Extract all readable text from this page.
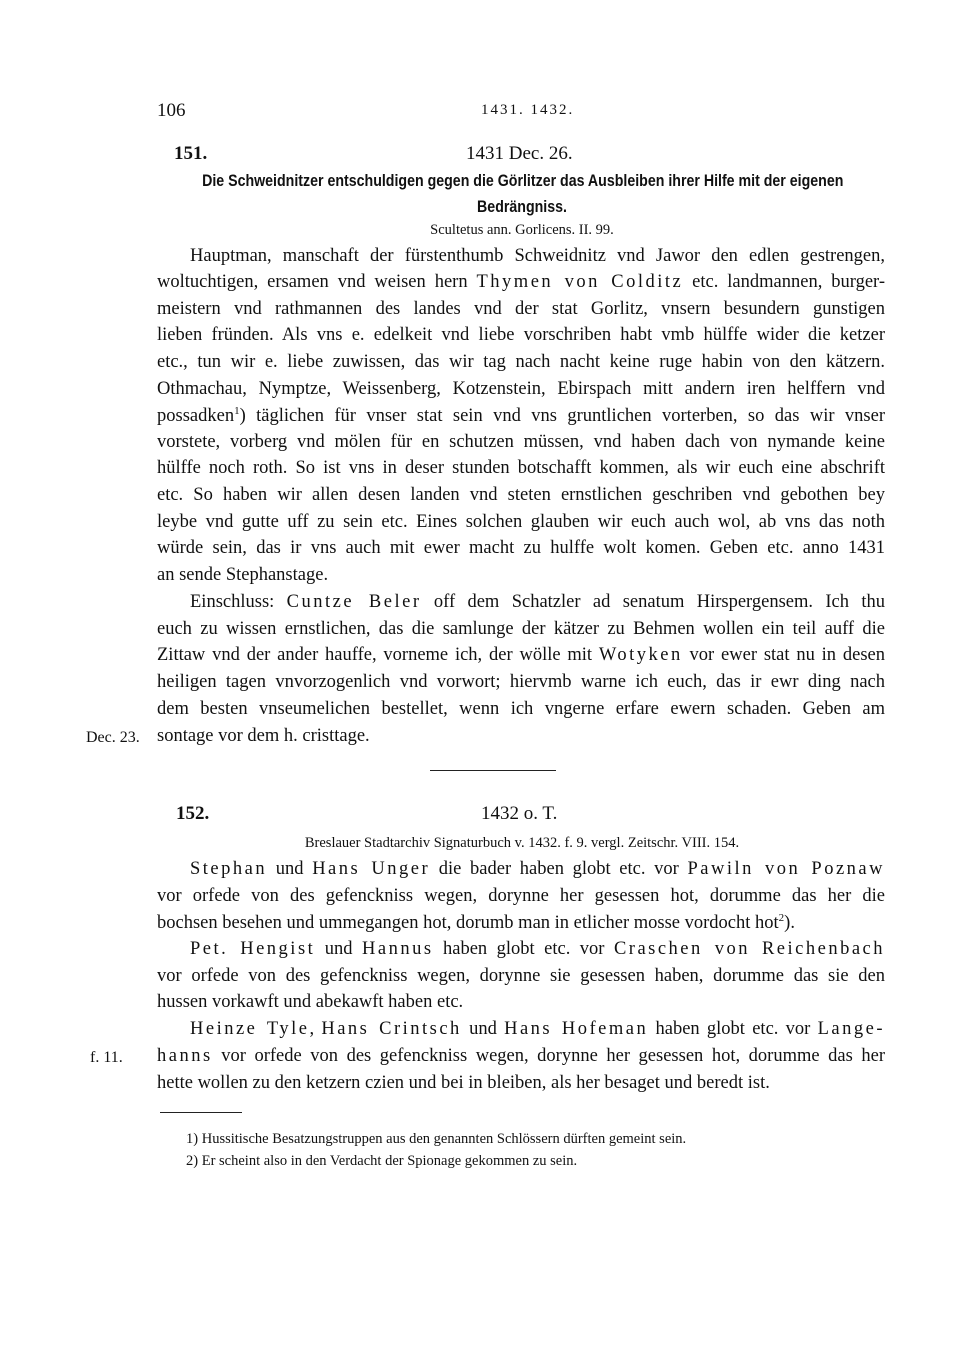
106	1431. 1432.
151.	1431 Dec. 26.
Die Schweidnitzer entschuldigen gegen die Görlitzer das Ausbleiben ihrer Hilfe mit der eigenen
Bedrängniss.
Scultetus ann. Gorlicens. II. 99.
Hauptman, manschaft der fürstenthumb Schweidnitz vnd Jawor den edlen gestrengen,
woltuchtigen, ersamen vnd weisen hern Thymen von Colditz etc. landmannen, burger-
meistern vnd rathmannen des landes vnd der stat Gorlitz, vnsern besundern gunstigen
lieben fründen. Als vns e. edelkeit vnd liebe vorschriben habt vmb hülffe wider die ketzer
etc., tun wir e. liebe zuwissen, das wir tag nach nacht keine ruge habin von den kätzern.
Othmachau, Nymptze, Weissenberg, Kotzenstein, Ebirspach mitt andern iren helffern vnd
possadken$^1$) täglichen für vnser stat sein vnd vns gruntlichen vorterben, so das wir vnser
vorstete, vorberg vnd mölen für en schutzen müssen, vnd haben dach von nymande keine
hülffe noch roth. So ist vns in deser stunden botschafft kommen, als wir euch eine abschrift
etc. So haben wir allen desen landen vnd steten ernstlichen geschriben vnd gebothen bey
leybe vnd gutte uff zu sein etc. Eines solchen glauben wir euch auch wol, ab vns das noth
würde sein, das ir vns auch mit ewer macht zu hulffe wolt komen. Geben etc. anno 1431
an sende Stephanstage.
Einschluss: Cuntze Beler off dem Schatzler ad senatum Hirspergensem. Ich thu
euch zu wissen ernstlichen, das die samlunge der kätzer zu Behmen wollen ein teil auff die
Zittaw vnd der ander hauffe, vorneme ich, der wölle mit Wotyken vor ewer stat nu in desen
heiligen tagen vnvorzogenlich vnd vorwort; hiervmb warne ich euch, das ir ewr ding nach
dem besten vnseumelichen bestellet, wenn ich vngerne erfare ewern schaden. Geben am
sontage vor dem h. cristtage.
Dec. 23.
152.	1432 o. T.
Breslauer Stadtarchiv Signaturbuch v. 1432. f. 9. vergl. Zeitschr. VIII. 154.
Stephan und Hans Unger die bader haben globt etc. vor Pawiln von Poznaw
vor orfede von des gefenckniss wegen, dorynne her gesessen hot, dorumme das her die
bochsen besehen und ummegangen hot, dorumb man in etlicher mosse vordocht hot$^2$).
Pet. Hengist und Hannus haben globt etc. vor Craschen von Reichenbach
vor orfede von des gefenckniss wegen, dorynne sie gesessen haben, dorumme das sie den
hussen vorkawft und abekawft haben etc.
Heinze Tyle, Hans Crintsch und Hans Hofeman haben globt etc. vor Lange-
hanns vor orfede von des gefenckniss wegen, dorynne her gesessen hot, dorumme das her
hette wollen zu den ketzern czien und bei in bleiben, als her besaget und beredt ist.
f. 11.
1) Hussitische Besatzungstruppen aus den genannten Schlössern dürften gemeint sein.
2) Er scheint also in den Verdacht der Spionage gekommen zu sein.
